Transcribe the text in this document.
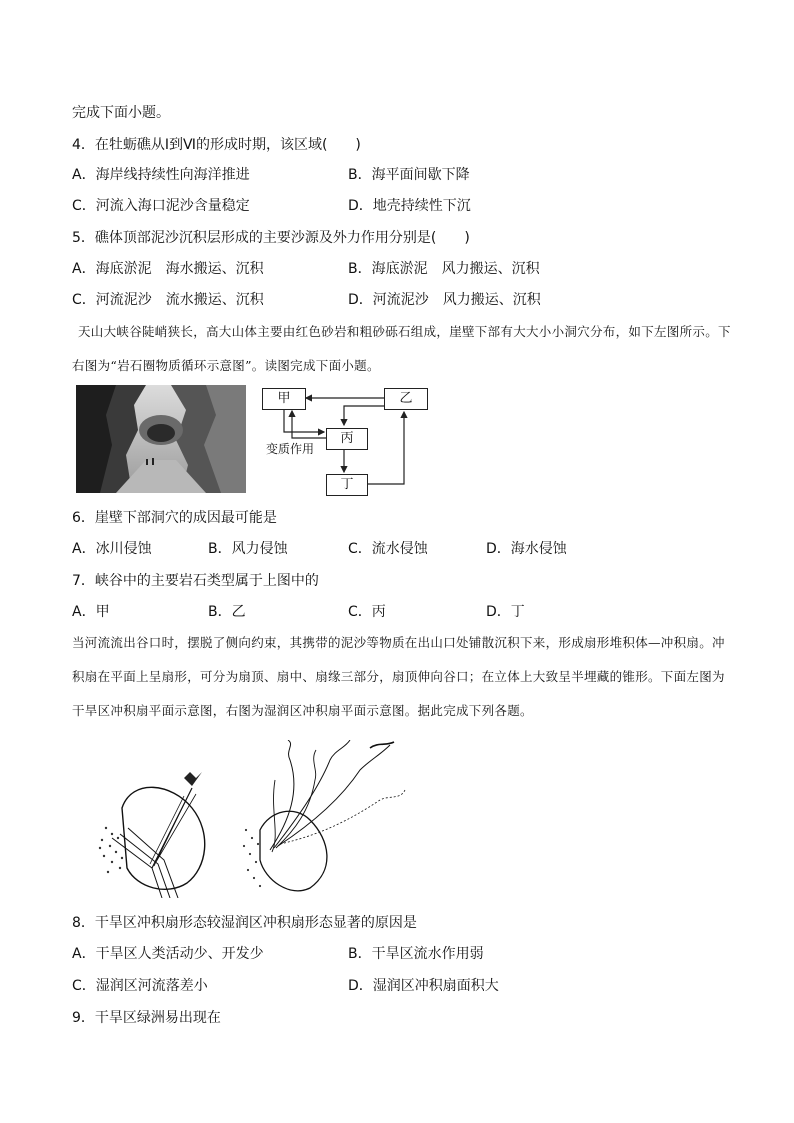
完成下面小题。
4．在牡蛎礁从Ⅰ到Ⅵ的形成时期，该区域(　　)
A．海岸线持续性向海洋推进	B．海平面间歇下降
C．河流入海口泥沙含量稳定	D．地壳持续性下沉
5．礁体顶部泥沙沉积层形成的主要沙源及外力作用分别是(　　)
A．海底淤泥　海水搬运、沉积	B．海底淤泥　风力搬运、沉积
C．河流泥沙　流水搬运、沉积	D．河流泥沙　风力搬运、沉积
天山大峡谷陡峭狭长，高大山体主要由红色砂岩和粗砂砾石组成，崖壁下部有大大小小洞穴分布，如下左图所示。下右图为“岩石圈物质循环示意图”。读图完成下面小题。
甲	乙
丙
丁
变质作用
6．崖壁下部洞穴的成因最可能是
A．冰川侵蚀	B．风力侵蚀	C．流水侵蚀	D．海水侵蚀
7．峡谷中的主要岩石类型属于上图中的
A．甲	B．乙	C．丙	D．丁
当河流流出谷口时，摆脱了侧向约束，其携带的泥沙等物质在出山口处铺散沉积下来，形成扇形堆积体—冲积扇。冲积扇在平面上呈扇形，可分为扇顶、扇中、扇缘三部分，扇顶伸向谷口；在立体上大致呈半埋藏的锥形。下面左图为干旱区冲积扇平面示意图，右图为湿润区冲积扇平面示意图。据此完成下列各题。
8．干旱区冲积扇形态较湿润区冲积扇形态显著的原因是
A．干旱区人类活动少、开发少	B．干旱区流水作用弱
C．湿润区河流落差小	D．湿润区冲积扇面积大
9．干旱区绿洲易出现在
